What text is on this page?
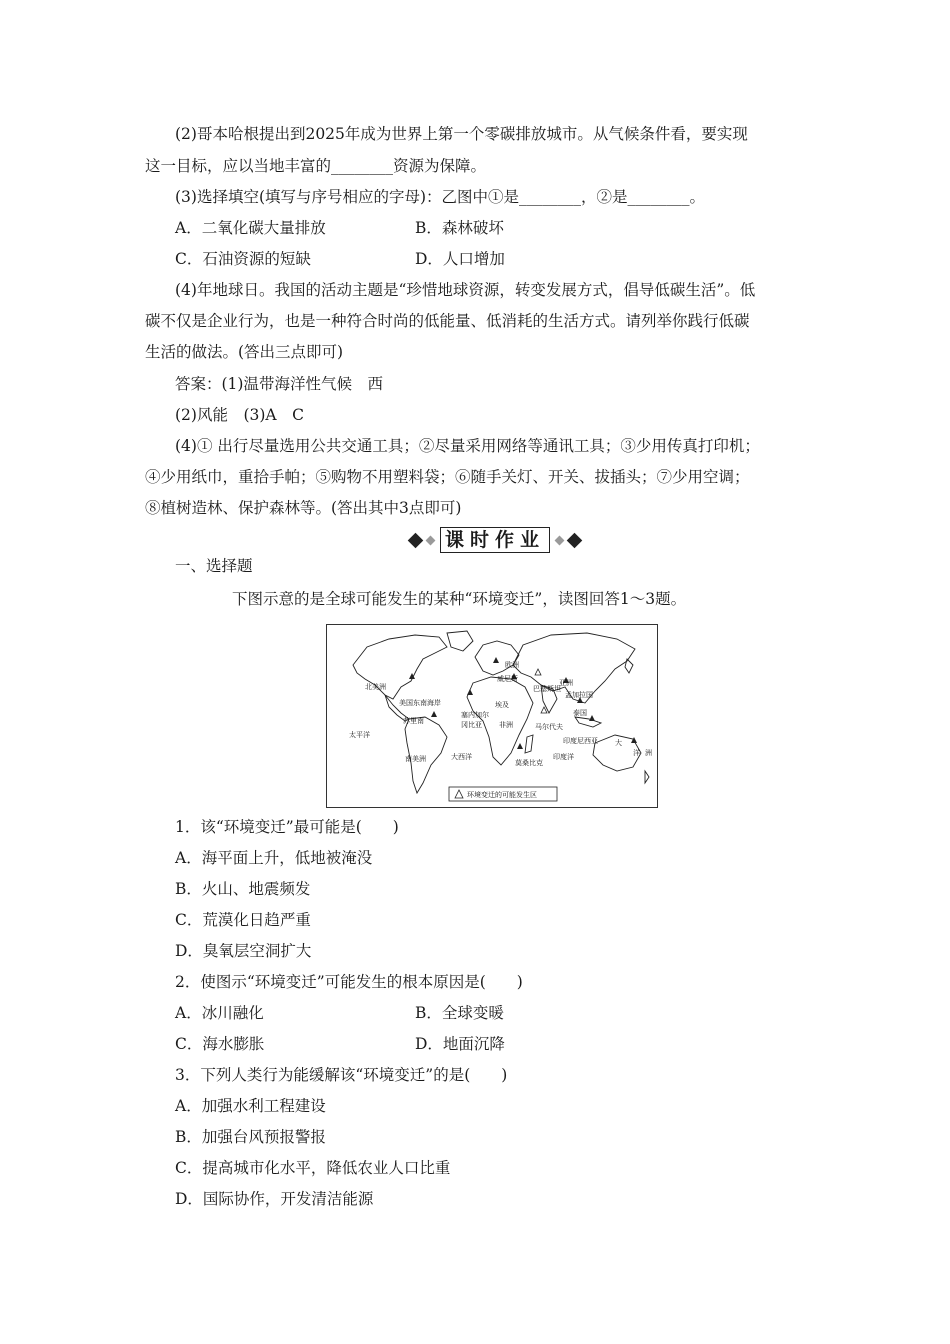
(2)哥本哈根提出到2025年成为世界上第一个零碳排放城市。从气候条件看，要实现
这一目标，应以当地丰富的________资源为保障。
(3)选择填空(填写与序号相应的字母)：乙图中①是________，②是________。
A．二氧化碳大量排放	B．森林破坏
C．石油资源的短缺	D．人口增加
(4)年地球日。我国的活动主题是“珍惜地球资源，转变发展方式，倡导低碳生活”。低
碳不仅是企业行为，也是一种符合时尚的低能量、低消耗的生活方式。请列举你践行低碳
生活的做法。(答出三点即可)
答案：(1)温带海洋性气候　西
(2)风能　(3)A　C
(4)① 出行尽量选用公共交通工具；②尽量采用网络等通讯工具；③少用传真打印机；
④少用纸巾，重拾手帕；⑤购物不用塑料袋；⑥随手关灯、开关、拔插头；⑦少用空调；
⑧植树造林、保护森林等。(答出其中3点即可)
课时作业
一、选择题
下图示意的是全球可能发生的某种“环境变迁”，读图回答1～3题。
北美洲
美国东南海岸
苏里南
太平洋
南美洲	大西洋
欧洲
威尼斯	亚洲
巴基斯坦
孟加拉国
泰国
埃及
塞内加尔
冈比亚 非洲	马尔代夫
印度尼西亚
莫桑比克
印度洋
大
洋 洲
环境变迁的可能发生区
1．该“环境变迁”最可能是(　　)
A．海平面上升，低地被淹没
B．火山、地震频发
C．荒漠化日趋严重
D．臭氧层空洞扩大
2．使图示“环境变迁”可能发生的根本原因是(　　)
A．冰川融化	B．全球变暖
C．海水膨胀	D．地面沉降
3．下列人类行为能缓解该“环境变迁”的是(　　)
A．加强水利工程建设
B．加强台风预报警报
C．提高城市化水平，降低农业人口比重
D．国际协作，开发清洁能源
